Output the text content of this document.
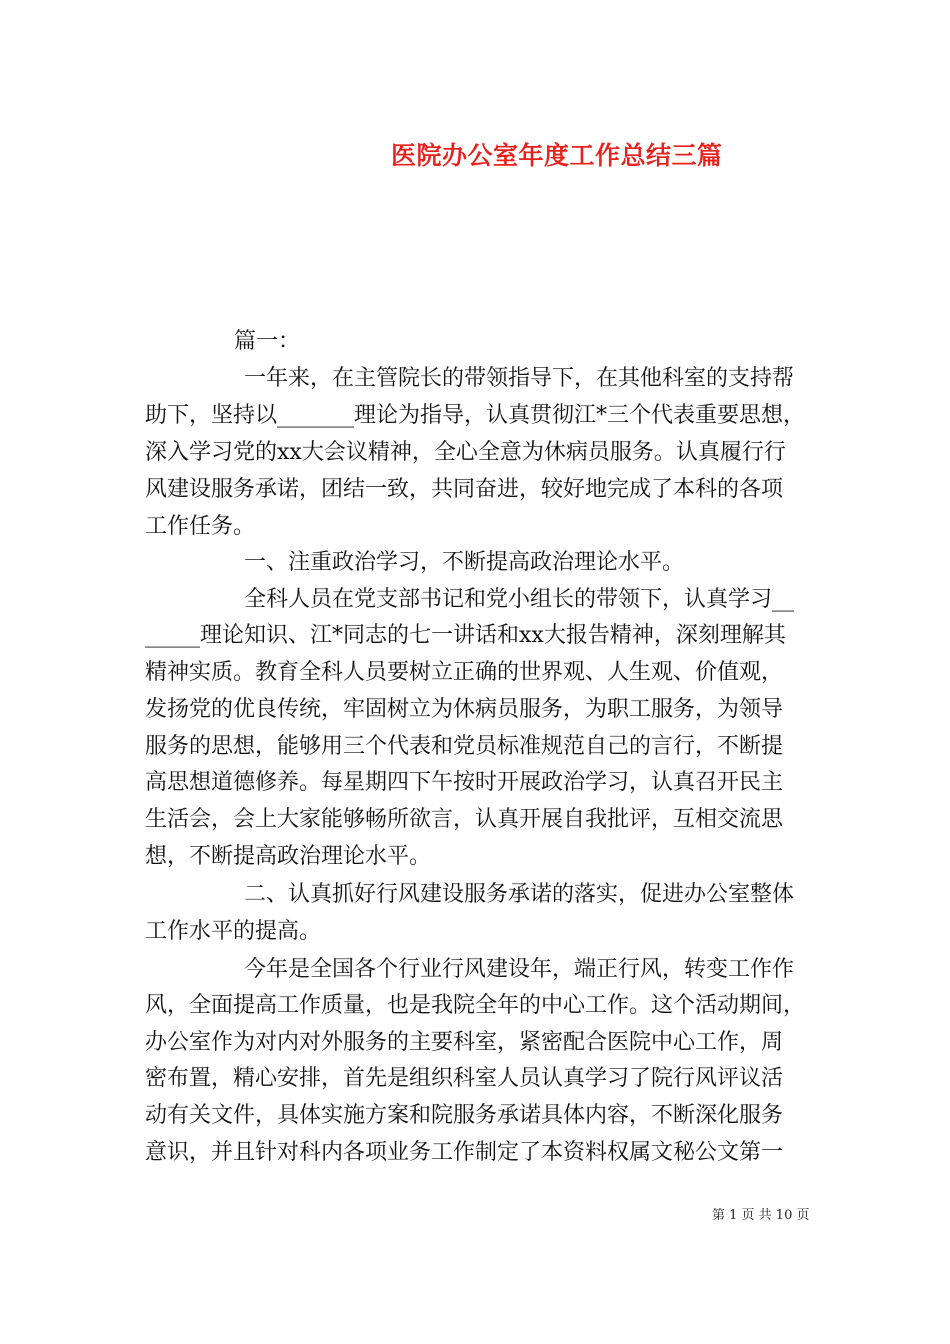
医院办公室年度工作总结三篇
篇一：
一年来，在主管院长的带领指导下，在其他科室的支持帮
助下，坚持以_______理论为指导，认真贯彻江*三个代表重要思想，
深入学习党的xx大会议精神，全心全意为休病员服务。认真履行行
风建设服务承诺，团结一致，共同奋进，较好地完成了本科的各项
工作任务。
一、注重政治学习，不断提高政治理论水平。
全科人员在党支部书记和党小组长的带领下，认真学习__
_____理论知识、江*同志的七一讲话和xx大报告精神，深刻理解其
精神实质。教育全科人员要树立正确的世界观、人生观、价值观，
发扬党的优良传统，牢固树立为休病员服务，为职工服务，为领导
服务的思想，能够用三个代表和党员标准规范自己的言行，不断提
高思想道德修养。每星期四下午按时开展政治学习，认真召开民主
生活会，会上大家能够畅所欲言，认真开展自我批评，互相交流思
想，不断提高政治理论水平。
二、认真抓好行风建设服务承诺的落实，促进办公室整体
工作水平的提高。
今年是全国各个行业行风建设年，端正行风，转变工作作
风，全面提高工作质量，也是我院全年的中心工作。这个活动期间，
办公室作为对内对外服务的主要科室，紧密配合医院中心工作，周
密布置，精心安排，首先是组织科室人员认真学习了院行风评议活
动有关文件，具体实施方案和院服务承诺具体内容，不断深化服务
意识，并且针对科内各项业务工作制定了本资料权属文秘公文第一
第 1 页 共 10 页
